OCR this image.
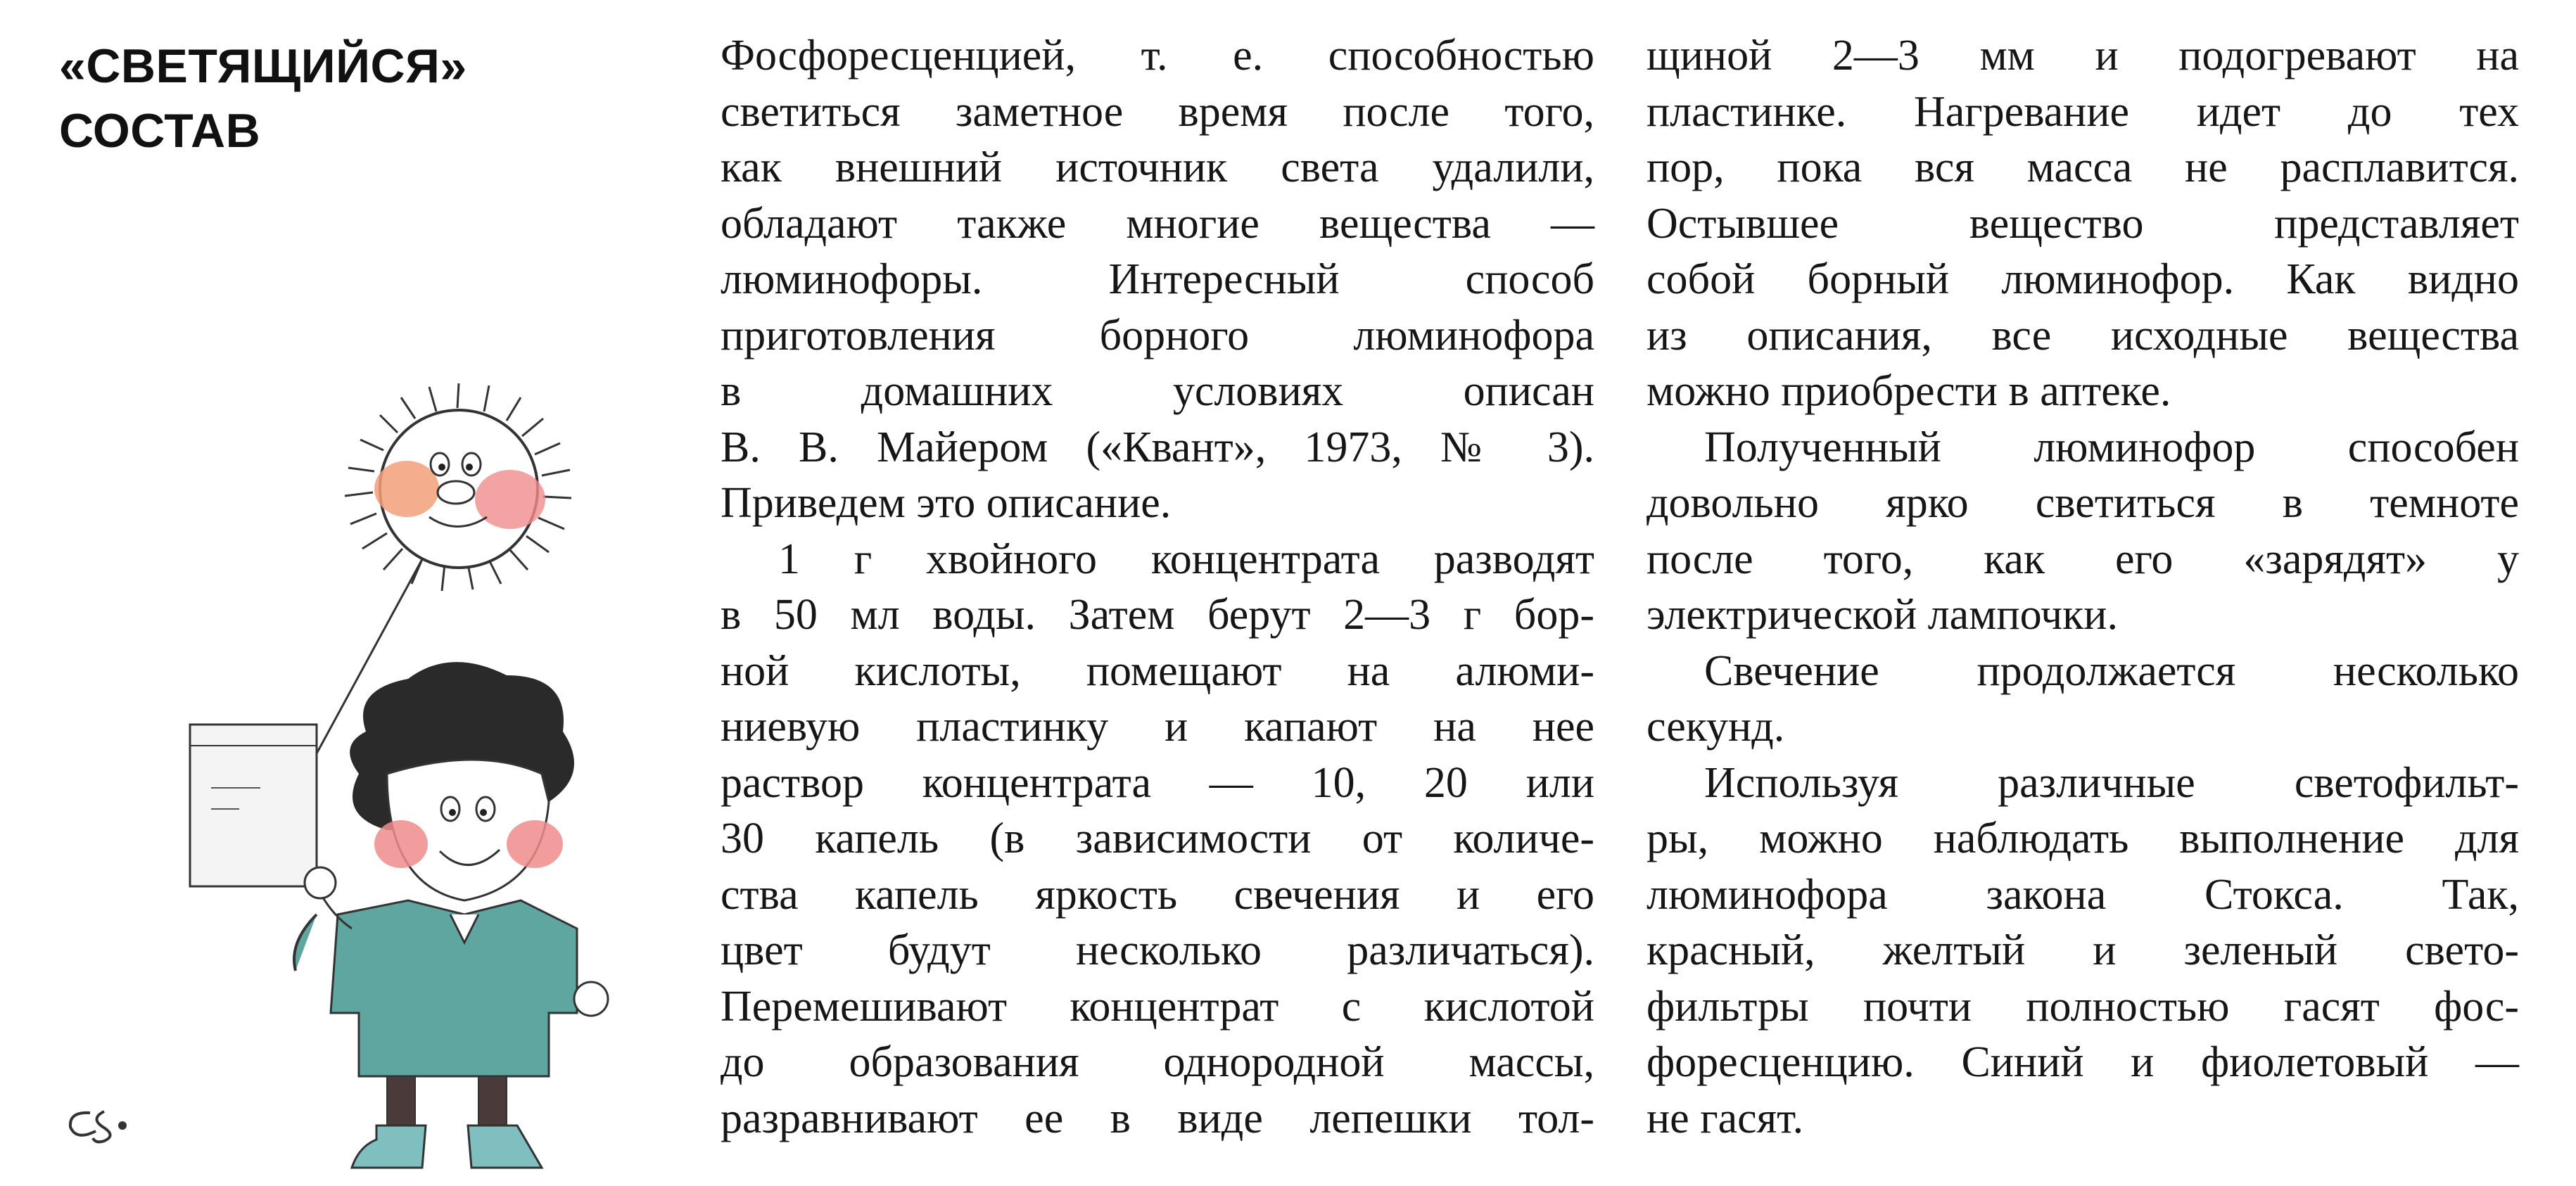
«СВЕТЯЩИЙСЯ»
СОСТАВ
Фосфоресценцией, т. е. способностью
светиться заметное время после того,
как внешний источник света удалили,
обладают также многие вещества —
люминофоры. Интересный способ
приготовления борного люминофора
в домашних условиях описан
В. В. Майером («Квант», 1973, № 3).
Приведем это описание.
1 г хвойного концентрата разводят
в 50 мл воды. Затем берут 2—3 г бор-
ной кислоты, помещают на алюми-
ниевую пластинку и капают на нее
раствор концентрата — 10, 20 или
30 капель (в зависимости от количе-
ства капель яркость свечения и его
цвет будут несколько различаться).
Перемешивают концентрат с кислотой
до образования однородной массы,
разравнивают ее в виде лепешки тол-
щиной 2—3 мм и подогревают на
пластинке. Нагревание идет до тех
пор, пока вся масса не расплавится.
Остывшее вещество представляет
собой борный люминофор. Как видно
из описания, все исходные вещества
можно приобрести в аптеке.
Полученный люминофор способен
довольно ярко светиться в темноте
после того, как его «зарядят» у
электрической лампочки.
Свечение продолжается несколько
секунд.
Используя различные светофильт-
ры, можно наблюдать выполнение для
люминофора закона Стокса. Так,
красный, желтый и зеленый свето-
фильтры почти полностью гасят фос-
форесценцию. Синий и фиолетовый —
не гасят.
